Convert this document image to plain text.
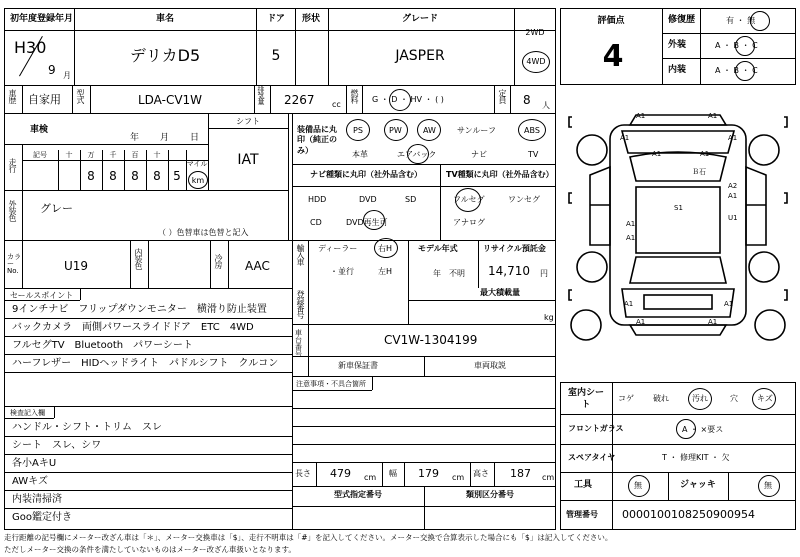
初年度登録年月
H30
9 月
車名
デリカD5
ドア
5
形状	グレード
JASPER
2WD
4WD
車歴 自家用 型式	LDA-CV1W	排気量 2267 cc
燃料 G ・ D ・ HV ・ ( )	定員 8 人
車検
年 月 日
シフト
IAT
走行
記号	十 万 千 百 十
マイル
8 8 8 8 5 km
外装色 グレー
（ ）色替車は色替と記入
カラーNo.	U19	内装色	冷房 AAC
装備品に丸印（純正のみ）
PS	PW	AW	サンルーフ	ABS
本革	エアバック	ナビ	TV
ナビ種類に丸印（社外品含む）	TV種類に丸印（社外品含む）
HDD	DVD	SD
CD	DVD再生可
フルセグ	ワンセグ
アナログ
輸入車 ディーラー
・並行
右H
左H
モデル年式
年　不明
リサイクル預託金
14,710 円
セールスポイント
9インチナビ　フリップダウンモニター　横滑り防止装置
バックカメラ　両側パワースライドドア　ETC　4WD
フルセグTV　Bluetooth　パワーシート
ハーフレザー　HIDヘッドライト　パドルシフト　クルコン
登録番号	最大積載量
kg
車台番号
CV1W-1304199
新車保証書	車両取説
注意事項・不具合箇所
検査記入欄
ハンドル・シフト・トリム　スレ
シート　スレ、シワ
各小AキU
AWキズ
内装清掃済
Goo鑑定付き
長さ 479 cm 幅 179 cm 高さ 187 cm
型式指定番号	類別区分番号
評価点
4
修復歴	有 ・ 無
外装	A ・ B ・ C
内装	A ・ B ・ C
A1	A1
A1	A1
A1	A1
A1
A1
A1	A1
A1	A1
A1
A2
U1
S1
Ｂ石
室内シート
コゲ 破れ	汚れ	穴 キズ
フロントガラス	A ・ ×要ス
スペアタイヤ	T ・ 修理KIT ・ 欠
工具	無	ジャッキ	無
管理番号 0000100108250900954
走行距離の記号欄にメーター改ざん車は「＊」、メーター交換車は「$」、走行不明車は「#」を記入してください。メーター交換で合算表示した場合にも「$」は記入してください。
ただしメーター交換の条件を満たしていないものはメーター改ざん車扱いとなります。
